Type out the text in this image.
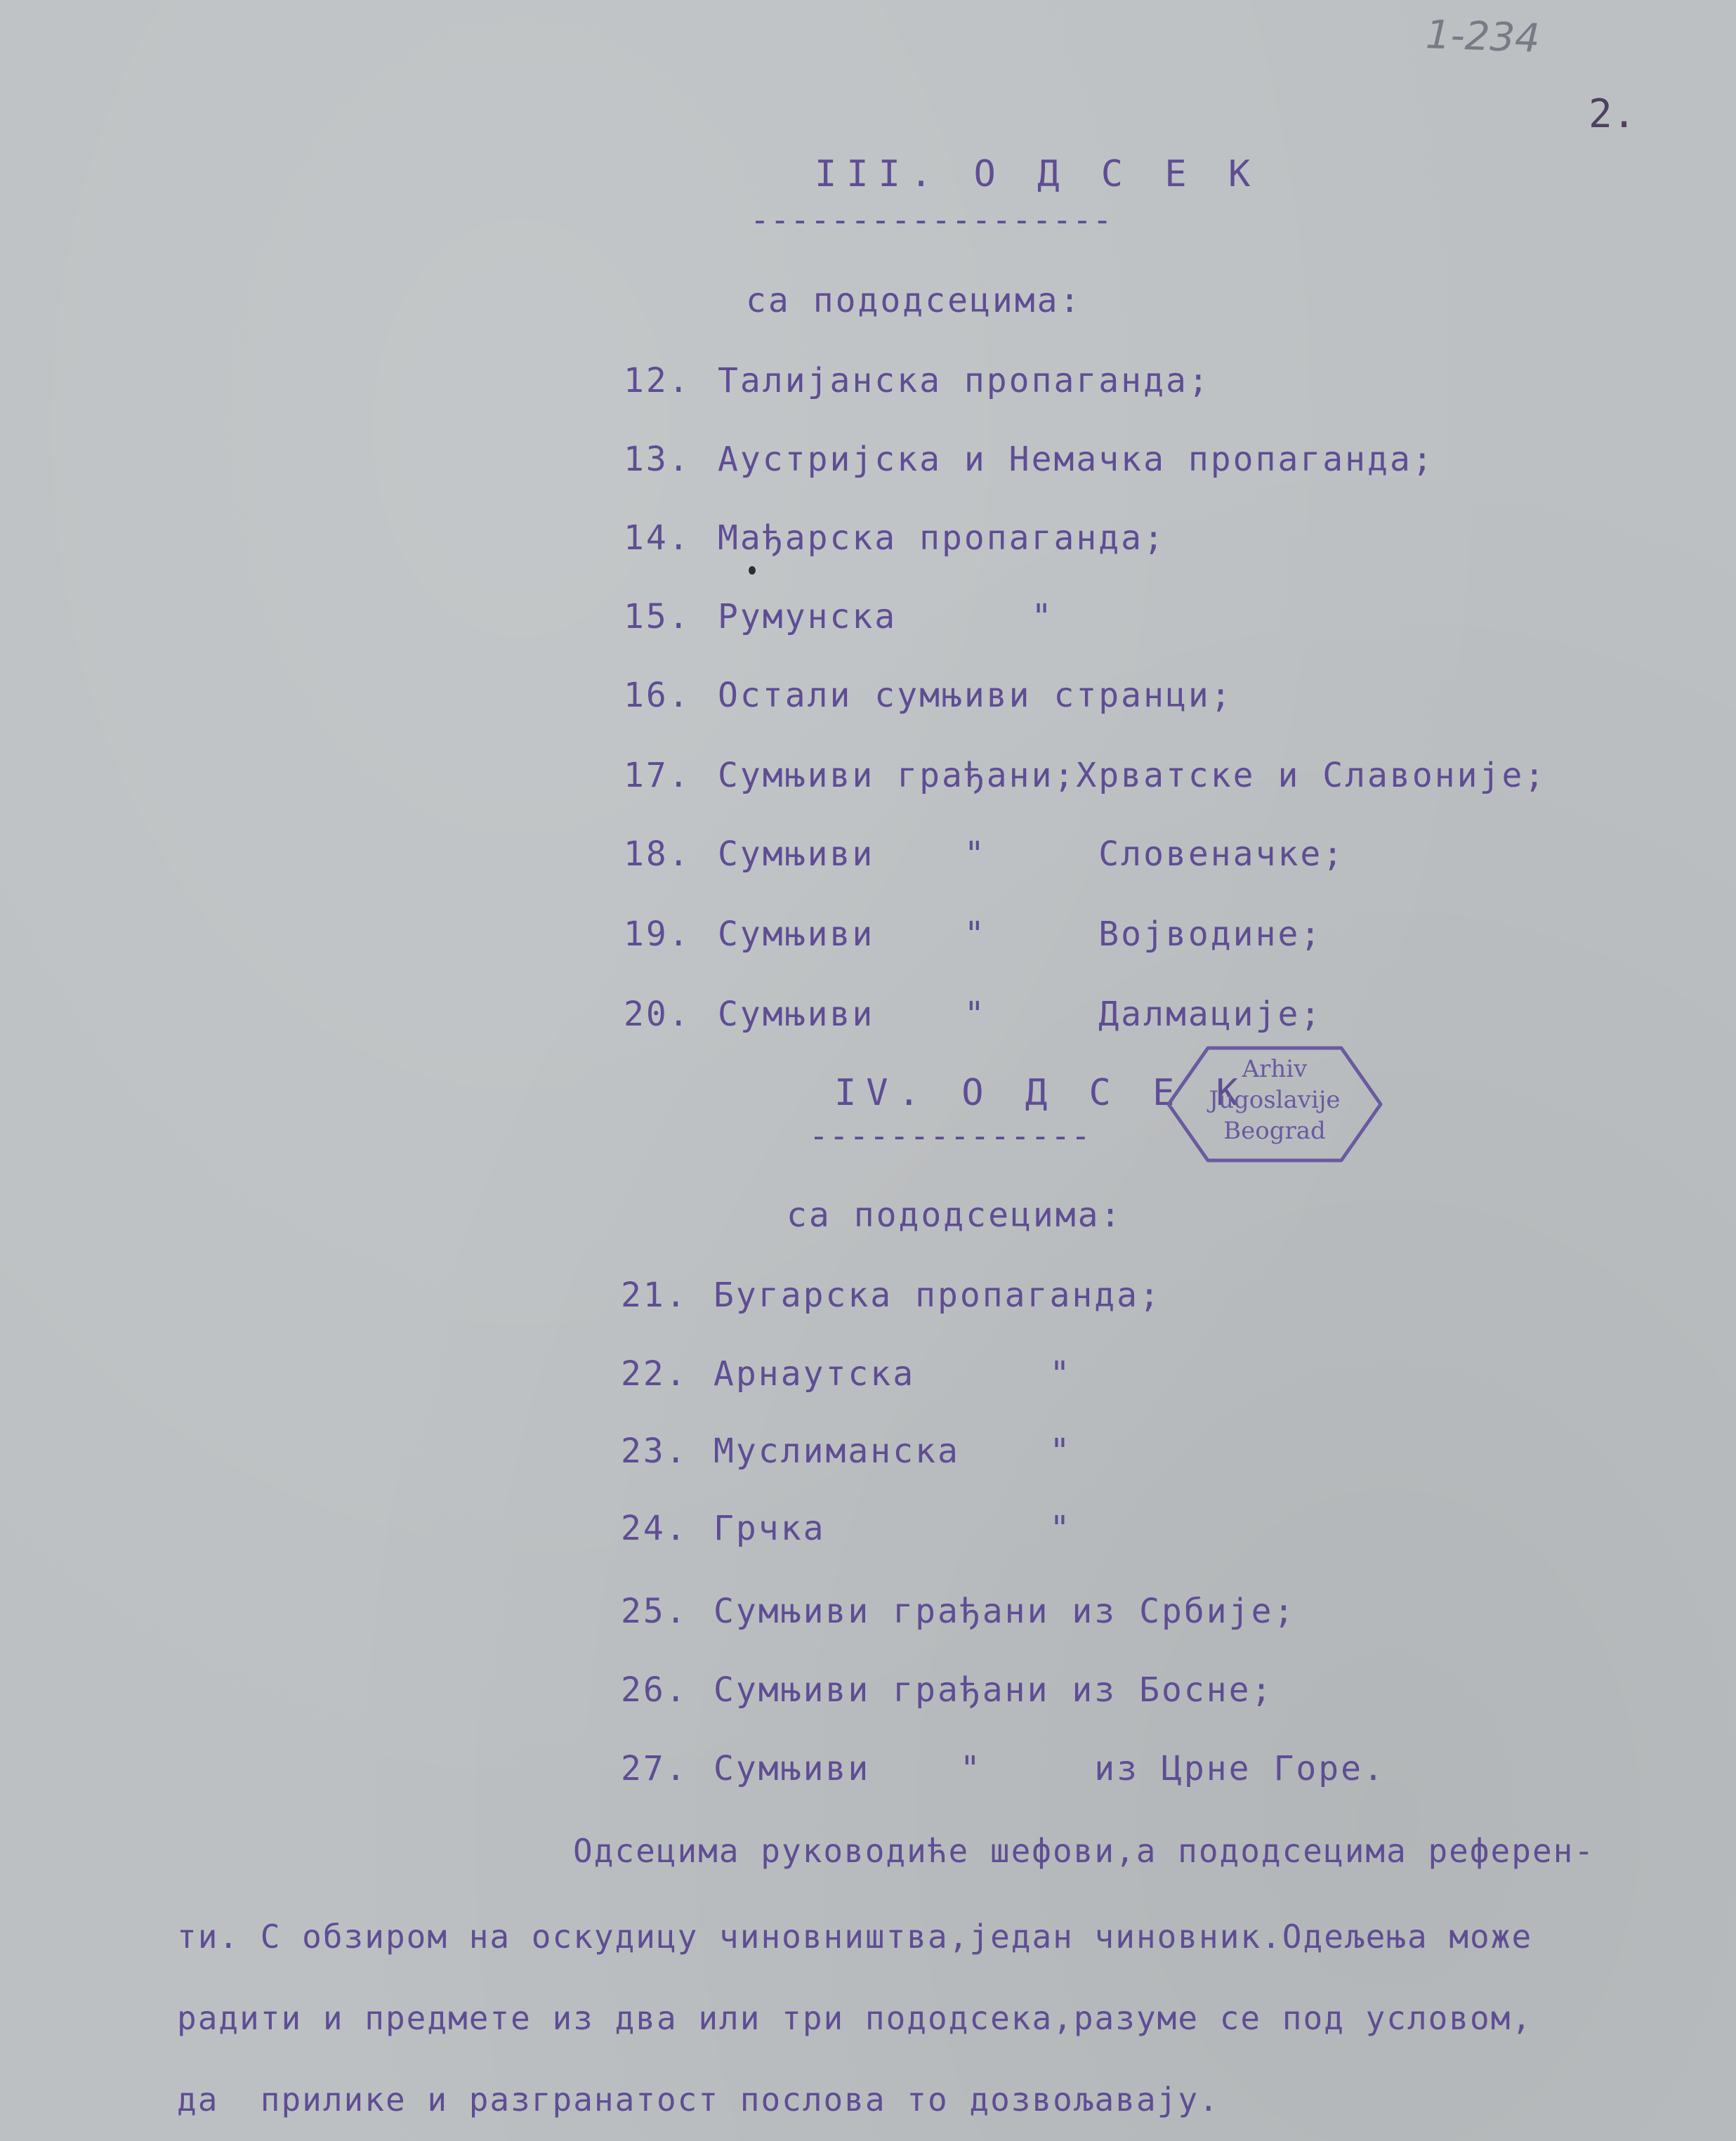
1-234
2.
III. О Д С Е К
------------------
са пододсецима:
12. Талијанска пропаганда;
13. Аустријска и Немачка пропаганда;
14. Мађарска пропаганда;
15. Румунска      "
16. Остали сумњиви странци;
17. Сумњиви грађани;Хрватске и Славоније;
18. Сумњиви    "     Словеначке;
19. Сумњиви    "     Војводине;
20. Сумњиви    "     Далмације;
IV. О Д С Е К
--------------
са пододсецима:
21. Бугарска пропаганда;
22. Арнаутска      "
23. Муслиманска    "
24. Грчка          "
25. Сумњиви грађани из Србије;
26. Сумњиви грађани из Босне;
27. Сумњиви    "     из Црне Горе.
Одсецима руководиће шефови,а пододсецима референ-
ти. С обзиром на оскудицу чиновништва,један чиновник.Одељења може
радити и предмете из два или три пододсека,разуме се под условом,
да  прилике и разгранатост послова то дозвољавају.
Arhiv
Jugoslavije
Beograd
